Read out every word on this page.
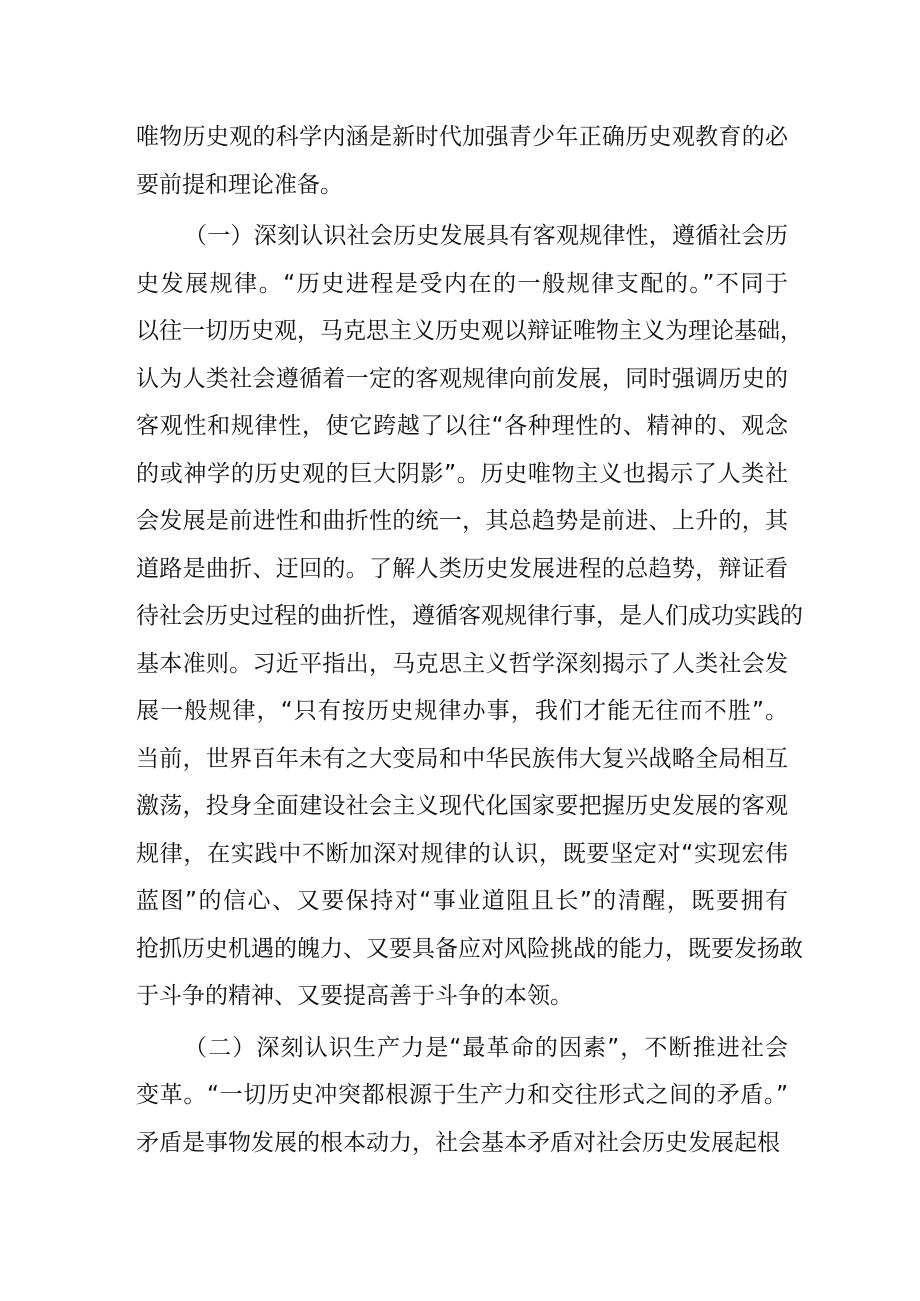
唯物历史观的科学内涵是新时代加强青少年正确历史观教育的必
要前提和理论准备。
（一）深刻认识社会历史发展具有客观规律性，遵循社会历
史发展规律。“历史进程是受内在的一般规律支配的。”不同于
以往一切历史观，马克思主义历史观以辩证唯物主义为理论基础，
认为人类社会遵循着一定的客观规律向前发展，同时强调历史的
客观性和规律性，使它跨越了以往“各种理性的、精神的、观念
的或神学的历史观的巨大阴影”。历史唯物主义也揭示了人类社
会发展是前进性和曲折性的统一，其总趋势是前进、上升的，其
道路是曲折、迂回的。了解人类历史发展进程的总趋势，辩证看
待社会历史过程的曲折性，遵循客观规律行事，是人们成功实践的
基本准则。习近平指出，马克思主义哲学深刻揭示了人类社会发
展一般规律，“只有按历史规律办事，我们才能无往而不胜”。
当前，世界百年未有之大变局和中华民族伟大复兴战略全局相互
激荡，投身全面建设社会主义现代化国家要把握历史发展的客观
规律，在实践中不断加深对规律的认识，既要坚定对“实现宏伟
蓝图”的信心、又要保持对“事业道阻且长”的清醒，既要拥有
抢抓历史机遇的魄力、又要具备应对风险挑战的能力，既要发扬敢
于斗争的精神、又要提高善于斗争的本领。
（二）深刻认识生产力是“最革命的因素”，不断推进社会
变革。“一切历史冲突都根源于生产力和交往形式之间的矛盾。”
矛盾是事物发展的根本动力，社会基本矛盾对社会历史发展起根
